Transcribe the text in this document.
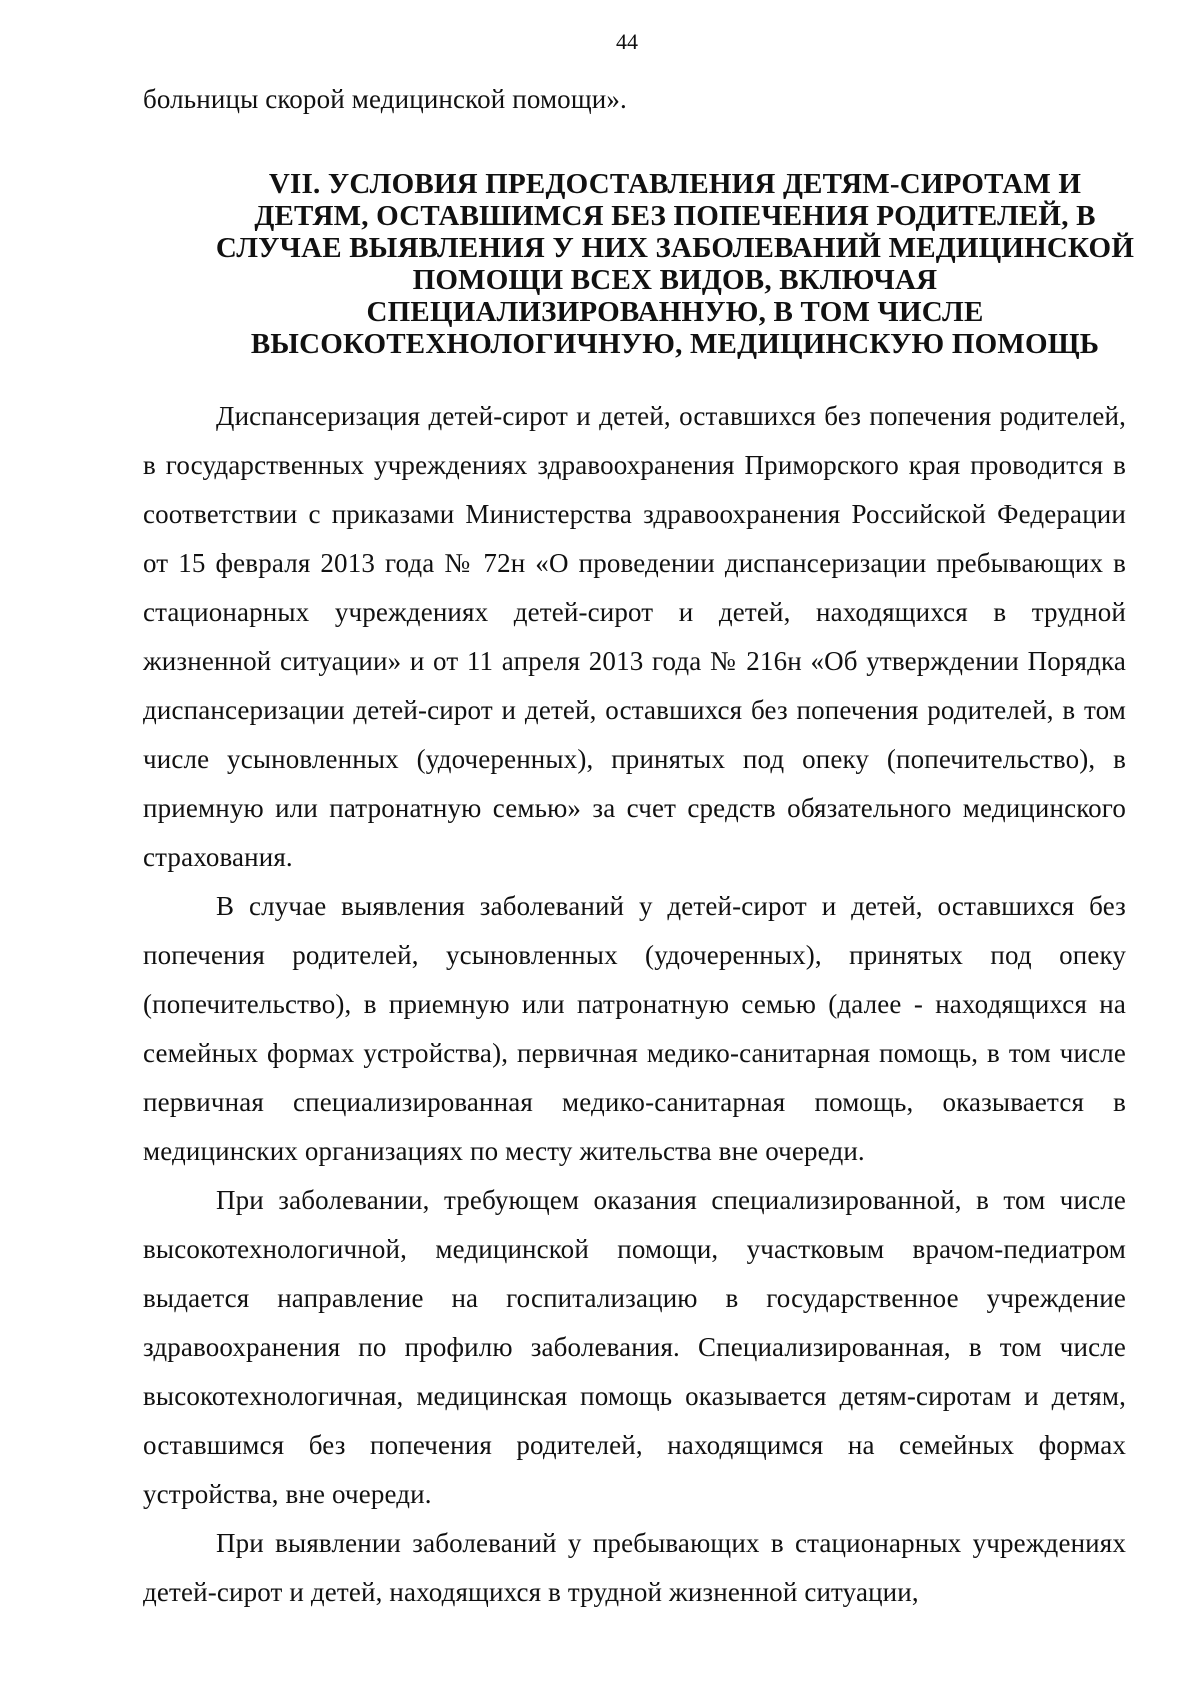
44
больницы скорой медицинской помощи».
VII. УСЛОВИЯ ПРЕДОСТАВЛЕНИЯ ДЕТЯМ-СИРОТАМ И ДЕТЯМ, ОСТАВШИМСЯ БЕЗ ПОПЕЧЕНИЯ РОДИТЕЛЕЙ, В СЛУЧАЕ ВЫЯВЛЕНИЯ У НИХ ЗАБОЛЕВАНИЙ МЕДИЦИНСКОЙ ПОМОЩИ ВСЕХ ВИДОВ, ВКЛЮЧАЯ СПЕЦИАЛИЗИРОВАННУЮ, В ТОМ ЧИСЛЕ ВЫСОКОТЕХНОЛОГИЧНУЮ, МЕДИЦИНСКУЮ ПОМОЩЬ

Диспансеризация детей-сирот и детей, оставшихся без попечения родителей, в государственных учреждениях здравоохранения Приморского края проводится в соответствии с приказами Министерства здравоохранения Российской Федерации от 15 февраля 2013 года № 72н «О проведении диспансеризации пребывающих в стационарных учреждениях детей-сирот и детей, находящихся в трудной жизненной ситуации» и от 11 апреля 2013 года № 216н «Об утверждении Порядка диспансеризации детей-сирот и детей, оставшихся без попечения родителей, в том числе усыновленных (удочеренных), принятых под опеку (попечительство), в приемную или патронатную семью» за счет средств обязательного медицинского страхования.

В случае выявления заболеваний у детей-сирот и детей, оставшихся без попечения родителей, усыновленных (удочеренных), принятых под опеку (попечительство), в приемную или патронатную семью (далее - находящихся на семейных формах устройства), первичная медико-санитарная помощь, в том числе первичная специализированная медико-санитарная помощь, оказывается в медицинских организациях по месту жительства вне очереди.

При заболевании, требующем оказания специализированной, в том числе высокотехнологичной, медицинской помощи, участковым врачом-педиатром выдается направление на госпитализацию в государственное учреждение здравоохранения по профилю заболевания. Специализированная, в том числе высокотехнологичная, медицинская помощь оказывается детям-сиротам и детям, оставшимся без попечения родителей, находящимся на семейных формах устройства, вне очереди.

При выявлении заболеваний у пребывающих в стационарных учреждениях детей-сирот и детей, находящихся в трудной жизненной ситуации,
